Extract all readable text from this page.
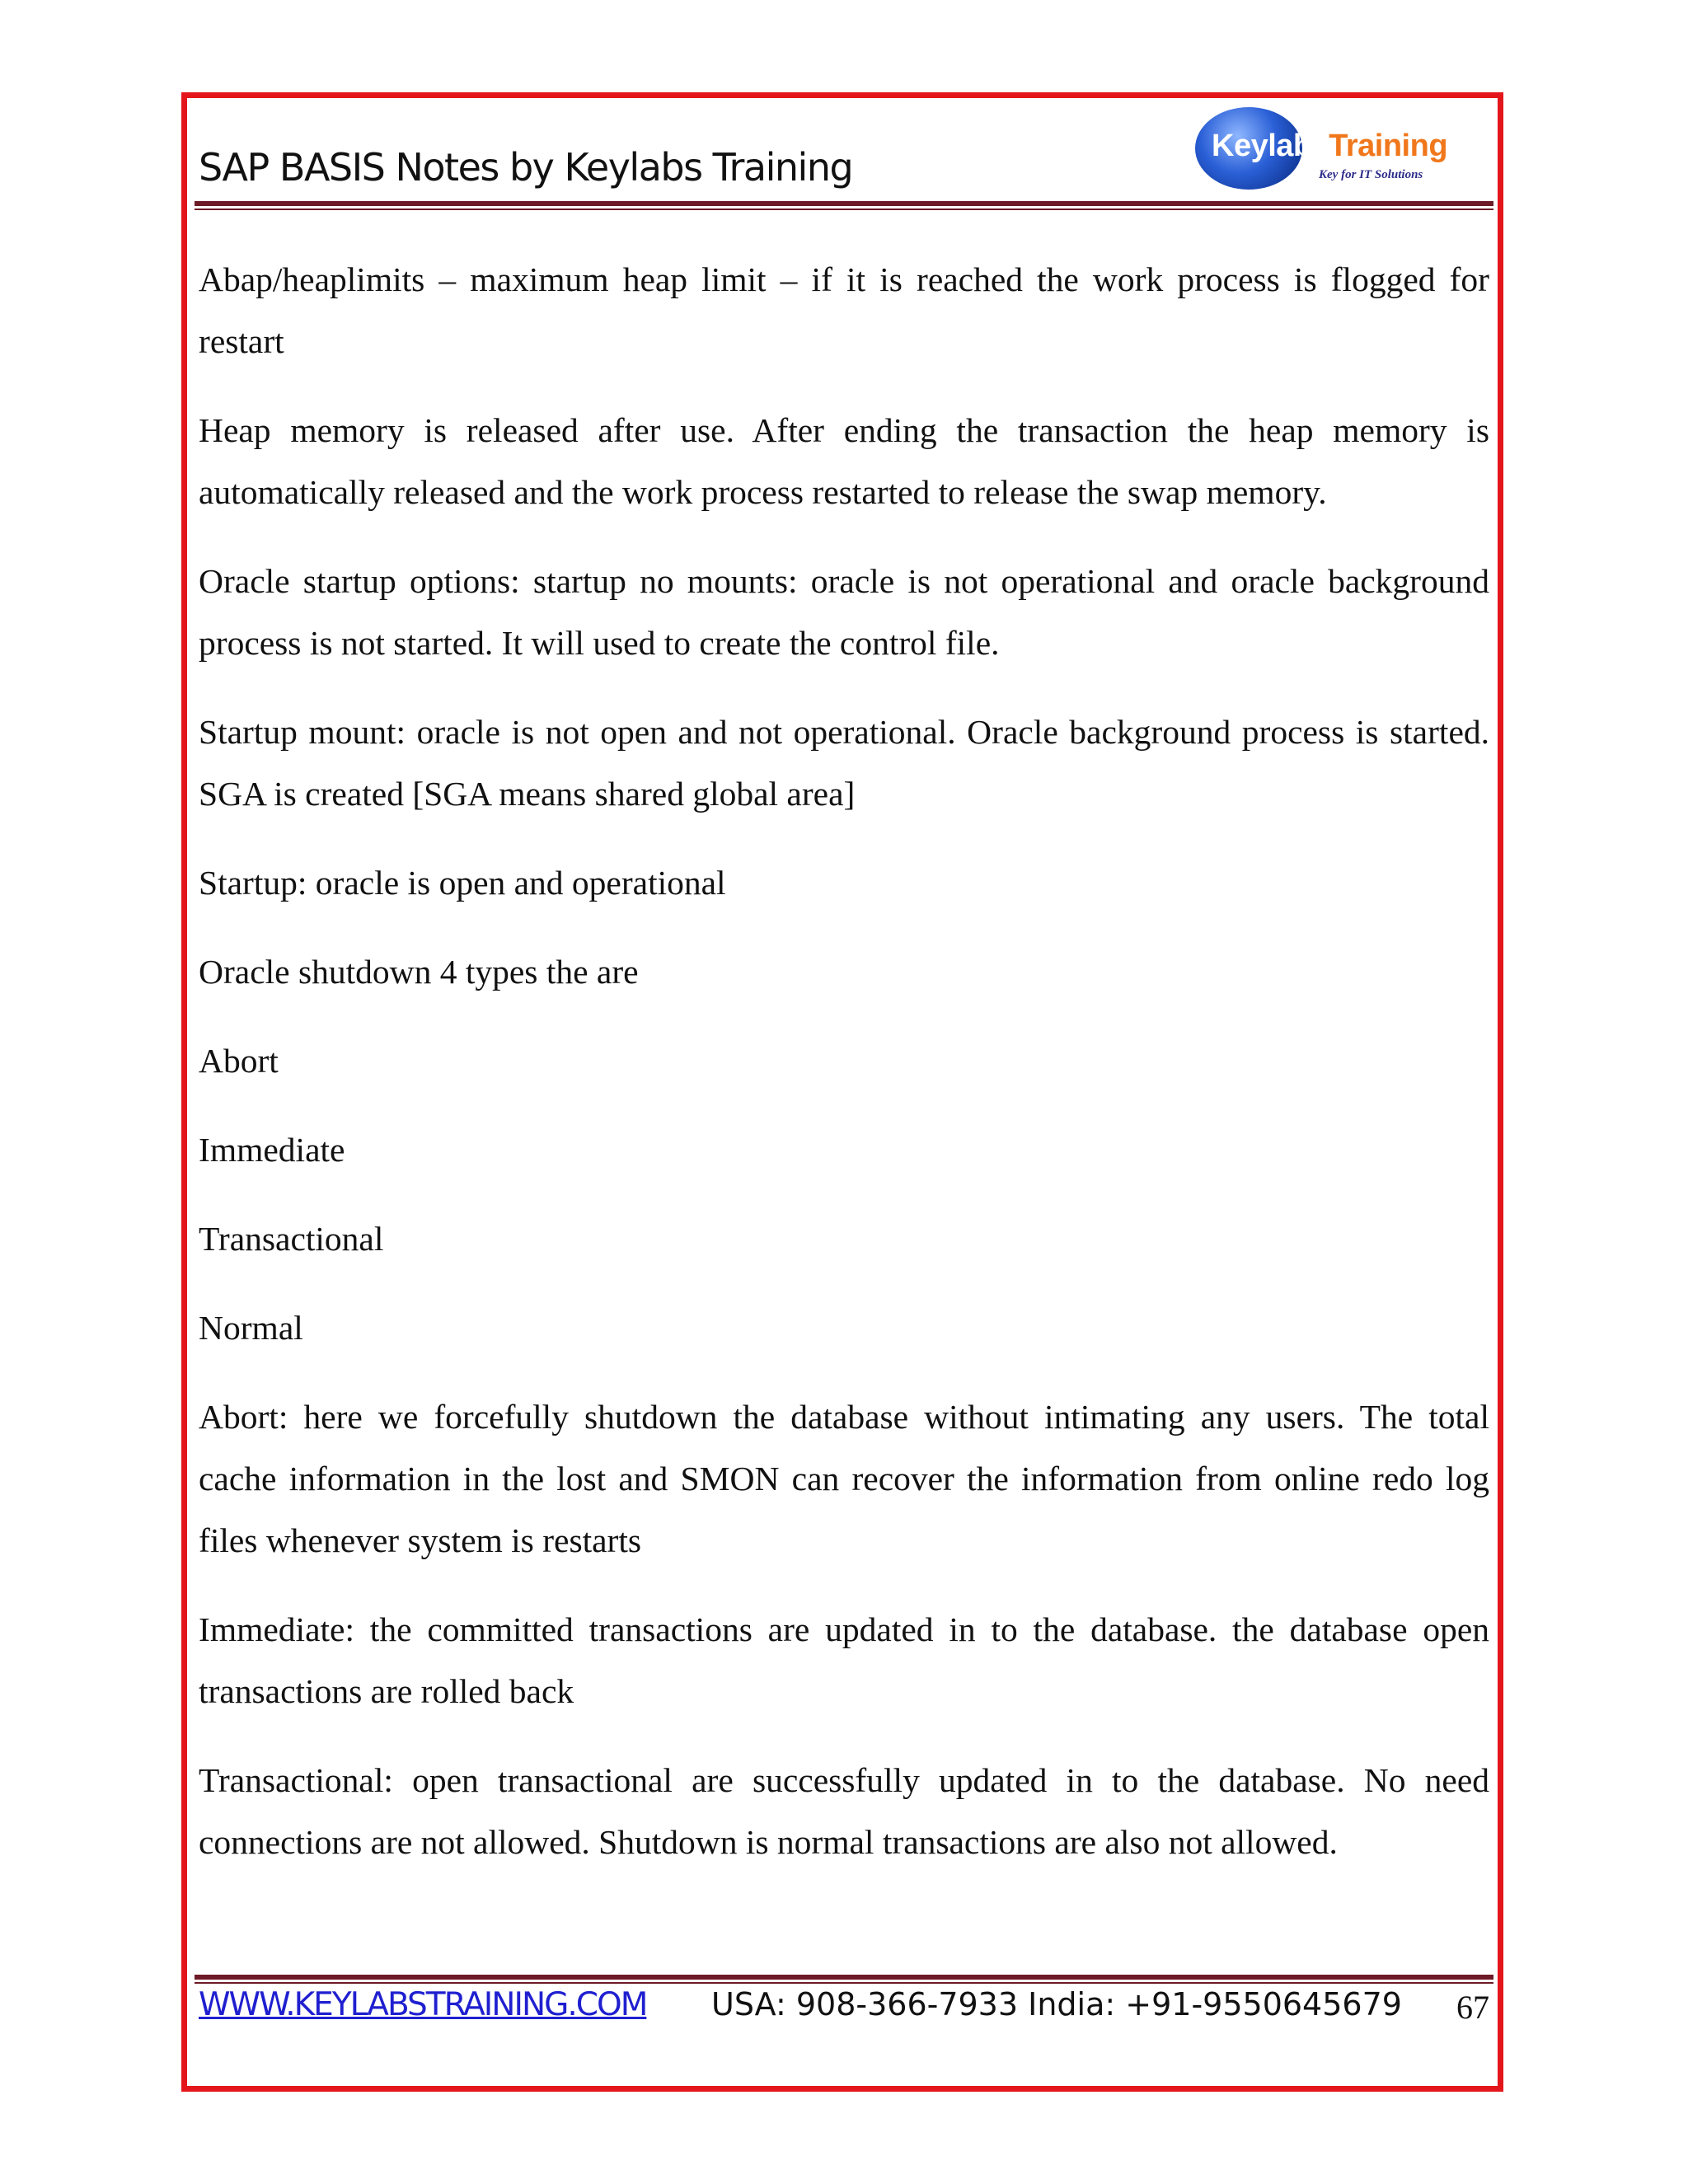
SAP BASIS Notes by Keylabs Training	KeylabsTraining
Key for IT Solutions

Abap/heaplimits – maximum heap limit – if it is reached the work process is flogged for restart

Heap memory is released after use. After ending the transaction the heap memory is automatically released and the work process restarted to release the swap memory.

Oracle startup options: startup no mounts: oracle is not operational and oracle background process is not started. It will used to create the control file.

Startup mount: oracle is not open and not operational. Oracle background process is started. SGA is created [SGA means shared global area]

Startup: oracle is open and operational

Oracle shutdown 4 types the are

Abort

Immediate

Transactional

Normal

Abort: here we forcefully shutdown the database without intimating any users. The total cache information in the lost and SMON can recover the information from online redo log files whenever system is restarts

Immediate: the committed transactions are updated in to the database. the database open transactions are rolled back

Transactional: open transactional are successfully updated in to the database. No need connections are not allowed. Shutdown is normal transactions are also not allowed.

WWW.KEYLABSTRAINING.COM USA: 908-366-7933 India: +91-9550645679 67
